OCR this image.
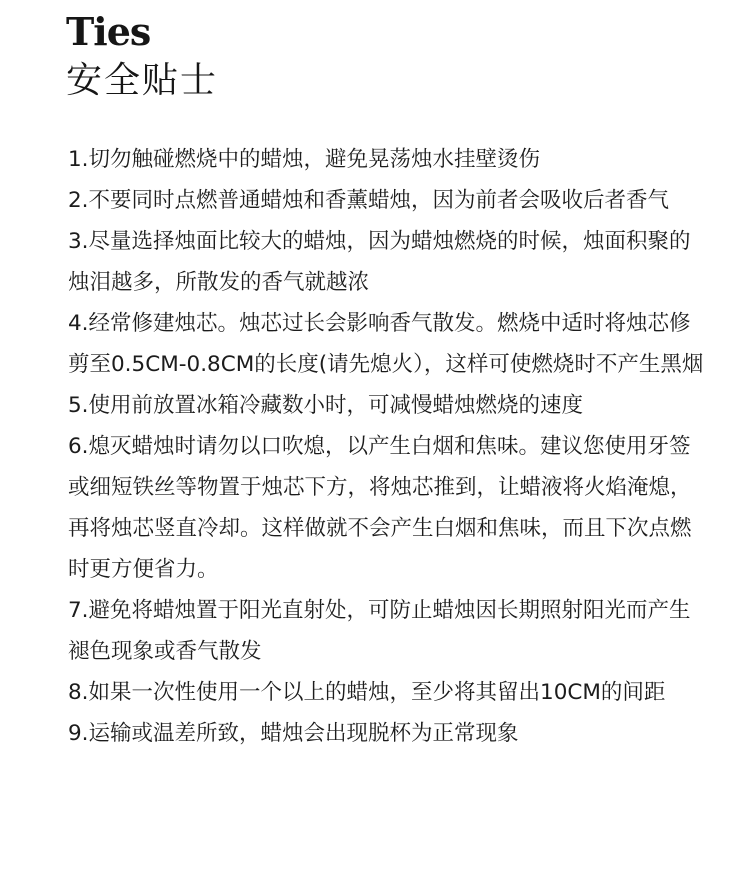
Ties
安全贴士
1.切勿触碰燃烧中的蜡烛，避免晃荡烛水挂壁烫伤
2.不要同时点燃普通蜡烛和香薰蜡烛，因为前者会吸收后者香气
3.尽量选择烛面比较大的蜡烛，因为蜡烛燃烧的时候，烛面积聚的烛泪越多，所散发的香气就越浓
4.经常修建烛芯。烛芯过长会影响香气散发。燃烧中适时将烛芯修剪至0.5CM-0.8CM的长度(请先熄火），这样可使燃烧时不产生黑烟
5.使用前放置冰箱冷藏数小时，可减慢蜡烛燃烧的速度
6.熄灭蜡烛时请勿以口吹熄，以产生白烟和焦味。建议您使用牙签或细短铁丝等物置于烛芯下方，将烛芯推到，让蜡液将火焰淹熄，再将烛芯竖直冷却。这样做就不会产生白烟和焦味，而且下次点燃时更方便省力。
7.避免将蜡烛置于阳光直射处，可防止蜡烛因长期照射阳光而产生褪色现象或香气散发
8.如果一次性使用一个以上的蜡烛，至少将其留出10CM的间距
9.运输或温差所致，蜡烛会出现脱杯为正常现象
